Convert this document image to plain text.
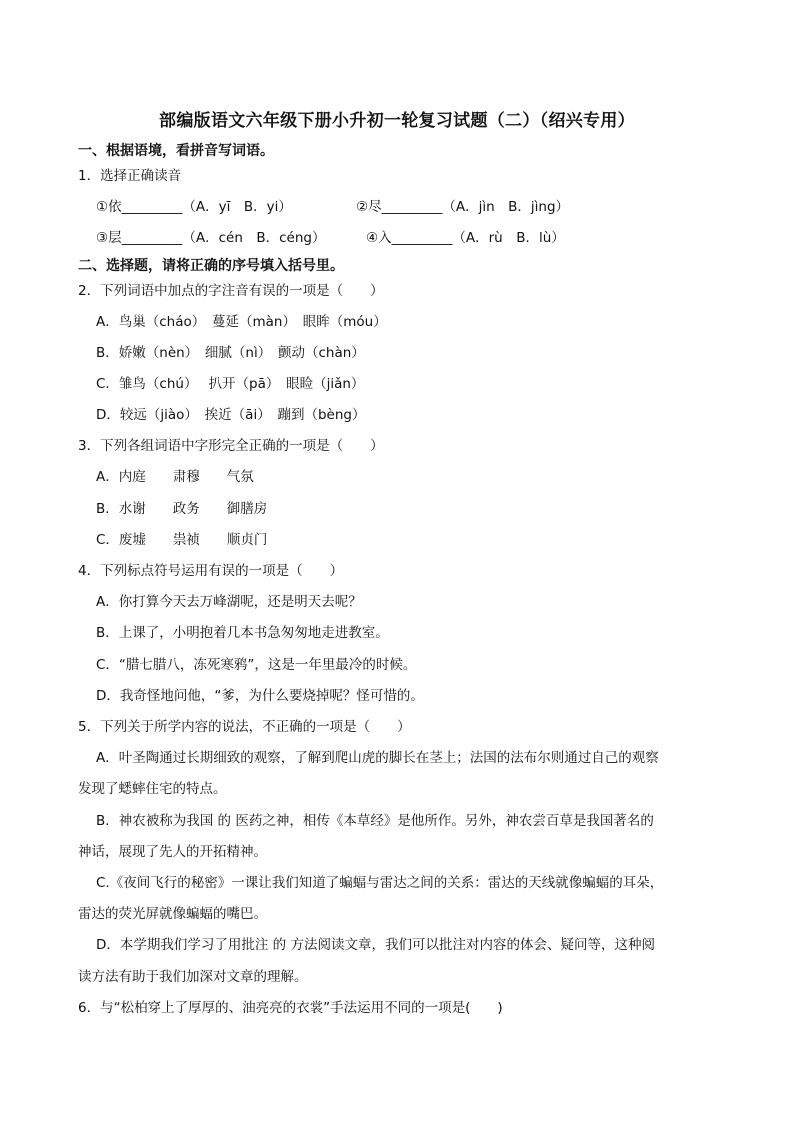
部编版语文六年级下册小升初一轮复习试题（二）（绍兴专用）
一、根据语境，看拼音写词语。
1．选择正确读音
①依_________（A．yī　B．yi）	②尽_________（A．jìn　B．jìng）
③层_________（A．cén　B．céng）	④入_________（A．rù　B．lù）
二、选择题，请将正确的序号填入括号里。
2．下列词语中加点的字注音有误的一项是（　　）
A．鸟巢（cháo）　蔓延（màn）　眼眸（móu）
B．娇嫩（nèn）　细腻（nì）　颤动（chàn）
C．雏鸟（chú）　 扒开（pā）　眼睑（jiǎn）
D．较远（jiào）　挨近（āi）　蹦到（bèng）
3．下列各组词语中字形完全正确的一项是（　　）
A．内庭　　肃穆　　气氛
B．水谢　　政务　　御膳房
C．废墟　　祟祯　　顺贞门
4．下列标点符号运用有误的一项是（　　）
A．你打算今天去万峰湖呢，还是明天去呢？
B．上课了，小明抱着几本书急匆匆地走进教室。
C．“腊七腊八，冻死寒鸦”，这是一年里最冷的时候。
D．我奇怪地问他，“爹，为什么要烧掉呢？怪可惜的。
5．下列关于所学内容的说法，不正确的一项是（　　）
A．叶圣陶通过长期细致的观察，了解到爬山虎的脚长在茎上；法国的法布尔则通过自己的观察
发现了蟋蟀住宅的特点。
B．神农被称为我国 的 医药之神，相传《本草经》是他所作。另外，神农尝百草是我国著名的
神话，展现了先人的开拓精神。
C.《夜间飞行的秘密》一课让我们知道了蝙蝠与雷达之间的关系：雷达的天线就像蝙蝠的耳朵，
雷达的荧光屏就像蝙蝠的嘴巴。
D．本学期我们学习了用批注 的 方法阅读文章，我们可以批注对内容的体会、疑问等，这种阅
读方法有助于我们加深对文章的理解。
6．与“松柏穿上了厚厚的、油亮亮的衣裳”手法运用不同的一项是(　　)
